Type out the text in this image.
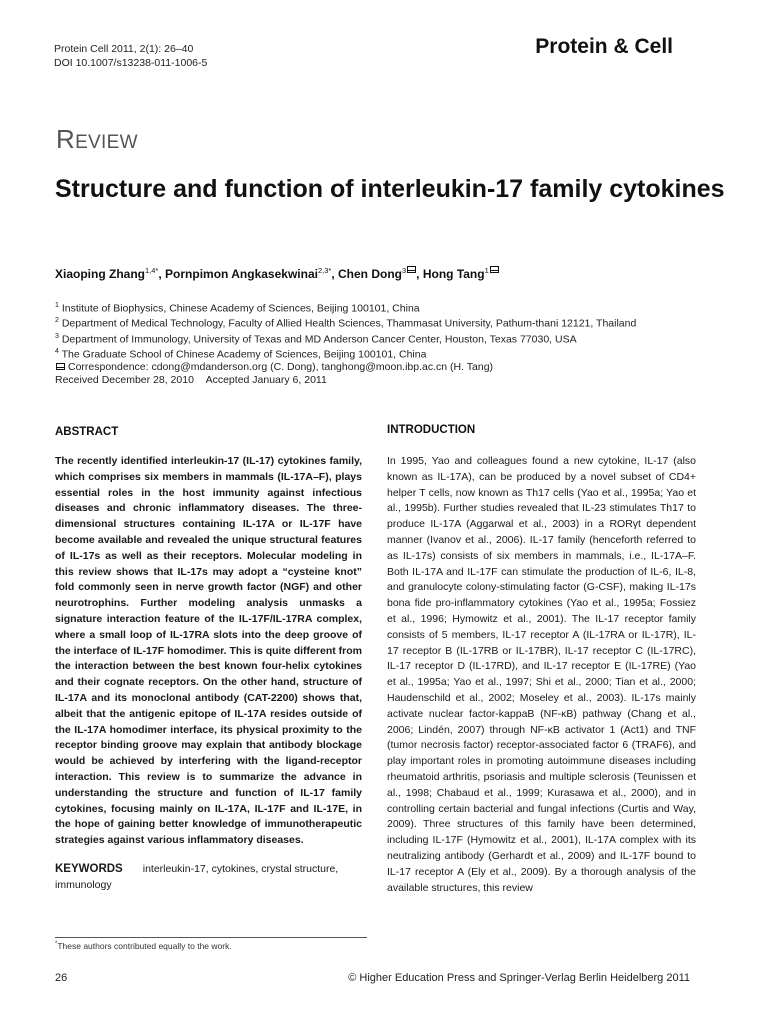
Protein Cell 2011, 2(1): 26–40
DOI 10.1007/s13238-011-1006-5
Protein & Cell
REVIEW
Structure and function of interleukin-17 family cytokines
Xiaoping Zhang$^{1,4*}$, Pornpimon Angkasekwinai$^{2,3*}$, Chen Dong$^3$ , Hong Tang$^1$
$^1$ Institute of Biophysics, Chinese Academy of Sciences, Beijing 100101, China
$^2$ Department of Medical Technology, Faculty of Allied Health Sciences, Thammasat University, Pathum-thani 12121, Thailand
$^3$ Department of Immunology, University of Texas and MD Anderson Cancer Center, Houston, Texas 77030, USA
$^4$ The Graduate School of Chinese Academy of Sciences, Beijing 100101, China
Correspondence: cdong@mdanderson.org (C. Dong), tanghong@moon.ibp.ac.cn (H. Tang)
Received December 28, 2010 Accepted January 6, 2011
ABSTRACT
The recently identified interleukin-17 (IL-17) cytokines family, which comprises six members in mammals (IL-17A–F), plays essential roles in the host immunity against infectious diseases and chronic inflammatory diseases. The three-dimensional structures containing IL-17A or IL-17F have become available and revealed the unique structural features of IL-17s as well as their receptors. Molecular modeling in this review shows that IL-17s may adopt a “cysteine knot” fold commonly seen in nerve growth factor (NGF) and other neurotrophins. Further modeling analysis unmasks a signature interaction feature of the IL-17F/IL-17RA complex, where a small loop of IL-17RA slots into the deep groove of the interface of IL-17F homodimer. This is quite different from the interaction between the best known four-helix cytokines and their cognate receptors. On the other hand, structure of IL-17A and its monoclonal antibody (CAT-2200) shows that, albeit that the antigenic epitope of IL-17A resides outside of the IL-17A homodimer interface, its physical proximity to the receptor binding groove may explain that antibody blockage would be achieved by interfering with the ligand-receptor interaction. This review is to summarize the advance in understanding the structure and function of IL-17 family cytokines, focusing mainly on IL-17A, IL-17F and IL-17E, in the hope of gaining better knowledge of immunotherapeutic strategies against various inflammatory diseases.
KEYWORDS interleukin-17, cytokines, crystal structure, immunology
INTRODUCTION
In 1995, Yao and colleagues found a new cytokine, IL-17 (also known as IL-17A), can be produced by a novel subset of CD4+ helper T cells, now known as Th17 cells (Yao et al., 1995a; Yao et al., 1995b). Further studies revealed that IL-23 stimulates Th17 to produce IL-17A (Aggarwal et al., 2003) in a RORγt dependent manner (Ivanov et al., 2006). IL-17 family (henceforth referred to as IL-17s) consists of six members in mammals, i.e., IL-17A–F. Both IL-17A and IL-17F can stimulate the production of IL-6, IL-8, and granulocyte colony-stimulating factor (G-CSF), making IL-17s bona fide pro-inflammatory cytokines (Yao et al., 1995a; Fossiez et al., 1996; Hymowitz et al., 2001). The IL-17 receptor family consists of 5 members, IL-17 receptor A (IL-17RA or IL-17R), IL-17 receptor B (IL-17RB or IL-17BR), IL-17 receptor C (IL-17RC), IL-17 receptor D (IL-17RD), and IL-17 receptor E (IL-17RE) (Yao et al., 1995a; Yao et al., 1997; Shi et al., 2000; Tian et al., 2000; Haudenschild et al., 2002; Moseley et al., 2003). IL-17s mainly activate nuclear factor-kappaB (NF-κB) pathway (Chang et al., 2006; Lindén, 2007) through NF-κB activator 1 (Act1) and TNF (tumor necrosis factor) receptor-associated factor 6 (TRAF6), and play important roles in promoting autoimmune diseases including rheumatoid arthritis, psoriasis and multiple sclerosis (Teunissen et al., 1998; Chabaud et al., 1999; Kurasawa et al., 2000), and in controlling certain bacterial and fungal infections (Curtis and Way, 2009). Three structures of this family have been determined, including IL-17F (Hymowitz et al., 2001), IL-17A complex with its neutralizing antibody (Gerhardt et al., 2009) and IL-17F bound to IL-17 receptor A (Ely et al., 2009). By a thorough analysis of the available structures, this review
*These authors contributed equally to the work.
26	© Higher Education Press and Springer-Verlag Berlin Heidelberg 2011
